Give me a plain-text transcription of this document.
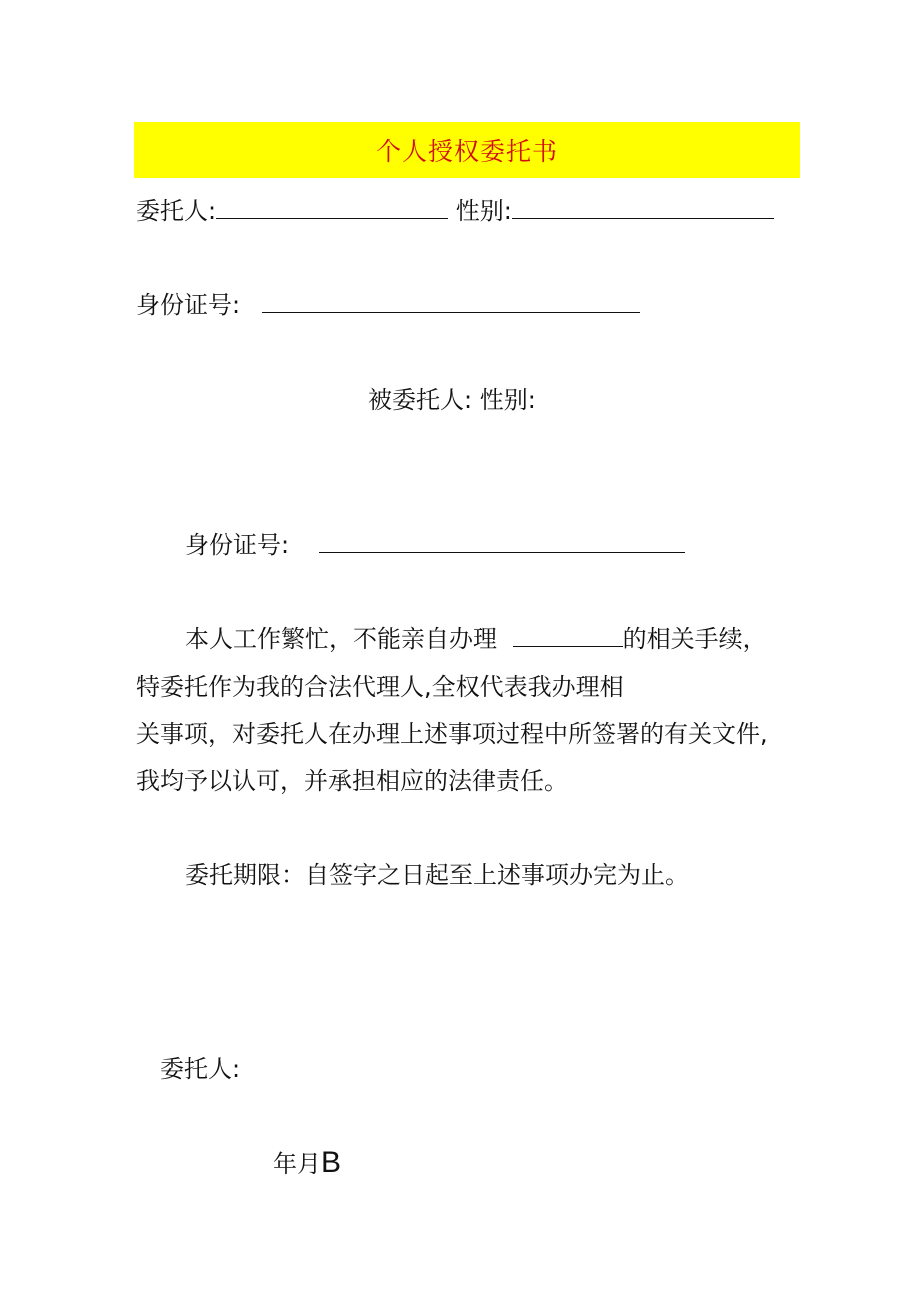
个人授权委托书
委托人:	性别:
身份证号:
被委托人: 性别:
身份证号:
本人工作繁忙，不能亲自办理	的相关手续，
特委托作为我的合法代理人,全权代表我办理相
关事项，对委托人在办理上述事项过程中所签署的有关文件,
我均予以认可，并承担相应的法律责任。
委托期限：自签字之日起至上述事项办完为止。
委托人:
年月B
